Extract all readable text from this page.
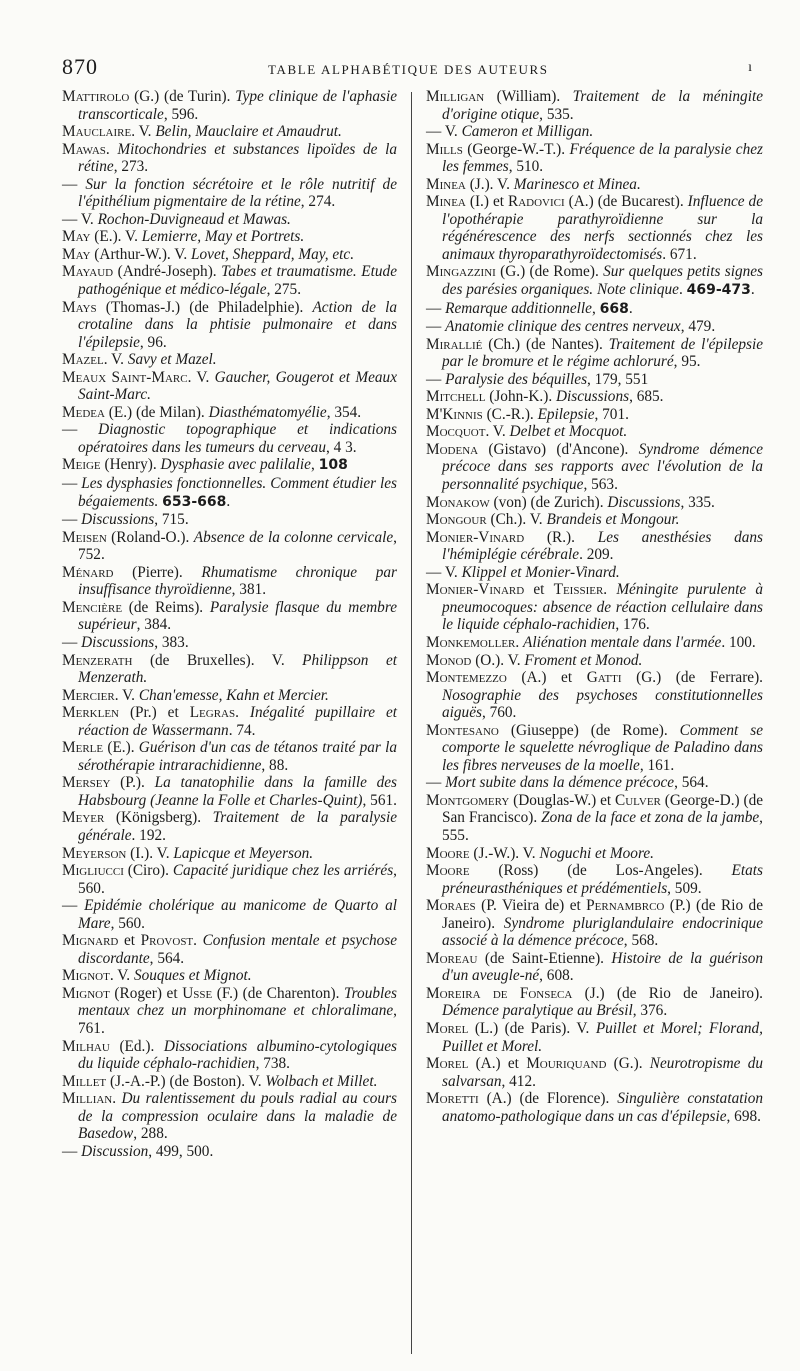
870	TABLE ALPHABÉTIQUE DES AUTEURS	ı
Mattirolo (G.) (de Turin). Type clinique de l'aphasie transcorticale, 596.
Mauclaire. V. Belin, Mauclaire et Amaudrut.
Mawas. Mitochondries et substances lipoïdes de la rétine, 273.
— Sur la fonction sécrétoire et le rôle nutritif de l'épithélium pigmentaire de la rétine, 274.
— V. Rochon-Duvigneaud et Mawas.
May (E.). V. Lemierre, May et Portrets.
May (Arthur-W.). V. Lovet, Sheppard, May, etc.
Mayaud (André-Joseph). Tabes et traumatisme. Etude pathogénique et médico-légale, 275.
Mays (Thomas-J.) (de Philadelphie). Action de la crotaline dans la phtisie pulmonaire et dans l'épilepsie, 96.
Mazel. V. Savy et Mazel.
Meaux Saint-Marc. V. Gaucher, Gougerot et Meaux Saint-Marc.
Medea (E.) (de Milan). Diasthématomyélie, 354.
— Diagnostic topographique et indications opératoires dans les tumeurs du cerveau, 4 3.
Meige (Henry). Dysphasie avec palilalie, 108
— Les dysphasies fonctionnelles. Comment étudier les bégaiements. 653-668.
— Discussions, 715.
Meisen (Roland-O.). Absence de la colonne cervicale, 752.
Ménard (Pierre). Rhumatisme chronique par insuffisance thyroïdienne, 381.
Mencière (de Reims). Paralysie flasque du membre supérieur, 384.
— Discussions, 383.
Menzerath (de Bruxelles). V. Philippson et Menzerath.
Mercier. V. Chan'emesse, Kahn et Mercier.
Merklen (Pr.) et Legras. Inégalité pupillaire et réaction de Wassermann. 74.
Merle (E.). Guérison d'un cas de tétanos traité par la sérothérapie intrarachidienne, 88.
Mersey (P.). La tanatophilie dans la famille des Habsbourg (Jeanne la Folle et Charles-Quint), 561.
Meyer (Königsberg). Traitement de la paralysie générale. 192.
Meyerson (I.). V. Lapicque et Meyerson.
Migliucci (Ciro). Capacité juridique chez les arriérés, 560.
— Epidémie cholérique au manicome de Quarto al Mare, 560.
Mignard et Provost. Confusion mentale et psychose discordante, 564.
Mignot. V. Souques et Mignot.
Mignot (Roger) et Usse (F.) (de Charenton). Troubles mentaux chez un morphinomane et chloralimane, 761.
Milhau (Ed.). Dissociations albumino-cytologiques du liquide céphalo-rachidien, 738.
Millet (J.-A.-P.) (de Boston). V. Wolbach et Millet.
Millian. Du ralentissement du pouls radial au cours de la compression oculaire dans la maladie de Basedow, 288.
— Discussion, 499, 500.
Milligan (William). Traitement de la méningite d'origine otique, 535.
— V. Cameron et Milligan.
Mills (George-W.-T.). Fréquence de la paralysie chez les femmes, 510.
Minea (J.). V. Marinesco et Minea.
Minea (I.) et Radovici (A.) (de Bucarest). Influence de l'opothérapie parathyroïdienne sur la régénérescence des nerfs sectionnés chez les animaux thyroparathyroïdectomisés. 671.
Mingazzini (G.) (de Rome). Sur quelques petits signes des parésies organiques. Note clinique. 469-473.
— Remarque additionnelle, 668.
— Anatomie clinique des centres nerveux, 479.
Mirallié (Ch.) (de Nantes). Traitement de l'épilepsie par le bromure et le régime achloruré, 95.
— Paralysie des béquilles, 179, 551
Mitchell (John-K.). Discussions, 685.
M'Kinnis (C.-R.). Epilepsie, 701.
Mocquot. V. Delbet et Mocquot.
Modena (Gistavo) (d'Ancone). Syndrome démence précoce dans ses rapports avec l'évolution de la personnalité psychique, 563.
Monakow (von) (de Zurich). Discussions, 335.
Mongour (Ch.). V. Brandeis et Mongour.
Monier-Vinard (R.). Les anesthésies dans l'hémiplégie cérébrale. 209.
— V. Klippel et Monier-Vinard.
Monier-Vinard et Teissier. Méningite purulente à pneumocoques: absence de réaction cellulaire dans le liquide céphalo-rachidien, 176.
Monkemoller. Aliénation mentale dans l'armée. 100.
Monod (O.). V. Froment et Monod.
Montemezzo (A.) et Gatti (G.) (de Ferrare). Nosographie des psychoses constitutionnelles aiguës, 760.
Montesano (Giuseppe) (de Rome). Comment se comporte le squelette névroglique de Paladino dans les fibres nerveuses de la moelle, 161.
— Mort subite dans la démence précoce, 564.
Montgomery (Douglas-W.) et Culver (George-D.) (de San Francisco). Zona de la face et zona de la jambe, 555.
Moore (J.-W.). V. Noguchi et Moore.
Moore (Ross) (de Los-Angeles). Etats préneurasthéniques et prédémentiels, 509.
Moraes (P. Vieira de) et Pernambrco (P.) (de Rio de Janeiro). Syndrome pluriglandulaire endocrinique associé à la démence précoce, 568.
Moreau (de Saint-Etienne). Histoire de la guérison d'un aveugle-né, 608.
Moreira de Fonseca (J.) (de Rio de Janeiro). Démence paralytique au Brésil, 376.
Morel (L.) (de Paris). V. Puillet et Morel; Florand, Puillet et Morel.
Morel (A.) et Mouriquand (G.). Neurotropisme du salvarsan, 412.
Moretti (A.) (de Florence). Singulière constatation anatomo-pathologique dans un cas d'épilepsie, 698.
